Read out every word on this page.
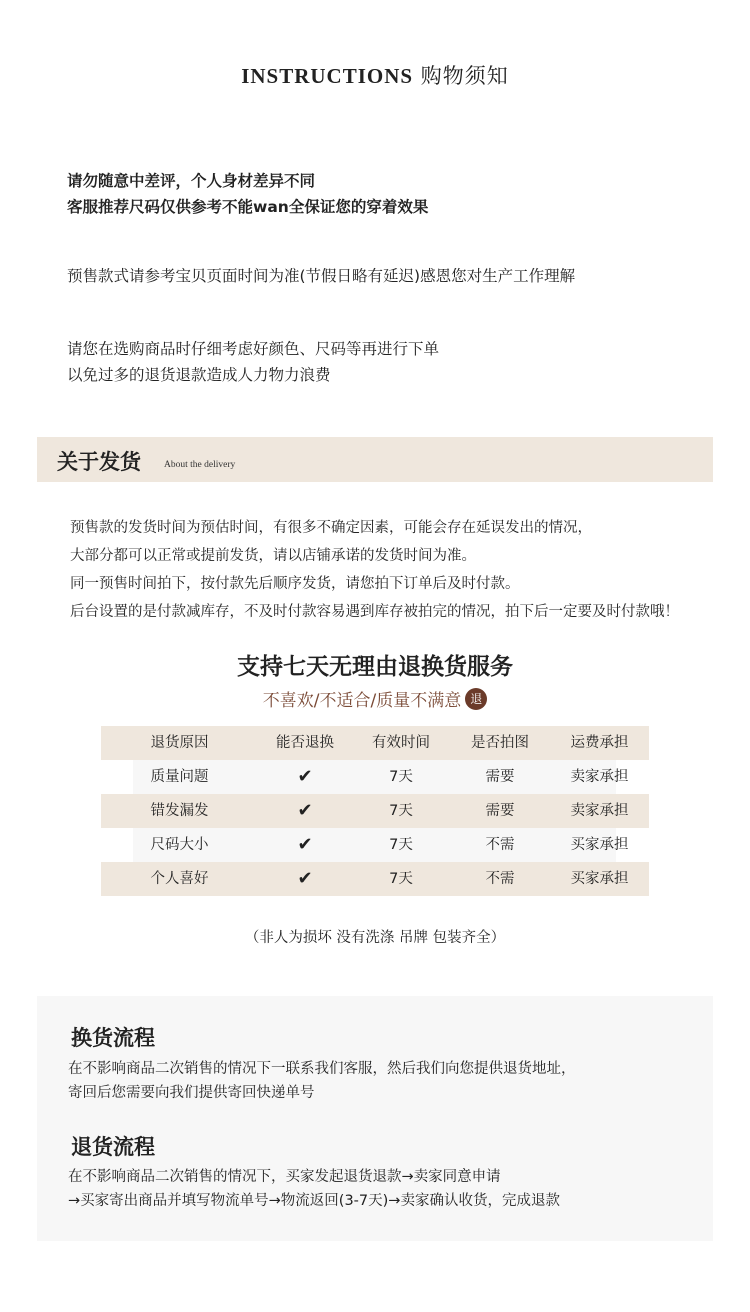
INSTRUCTIONS 购物须知
请勿随意中差评，个人身材差异不同
客服推荐尺码仅供参考不能wan全保证您的穿着效果
预售款式请参考宝贝页面时间为准(节假日略有延迟)感恩您对生产工作理解
请您在选购商品时仔细考虑好颜色、尺码等再进行下单
以免过多的退货退款造成人力物力浪费
关于发货 About the delivery
预售款的发货时间为预估时间，有很多不确定因素，可能会存在延误发出的情况，
大部分都可以正常或提前发货，请以店铺承诺的发货时间为准。
同一预售时间拍下，按付款先后顺序发货，请您拍下订单后及时付款。
后台设置的是付款减库存，不及时付款容易遇到库存被拍完的情况，拍下后一定要及时付款哦！
支持七天无理由退换货服务
不喜欢/不适合/质量不满意 退
退货原因	能否退换	有效时间	是否拍图	运费承担
质量问题	✔	7天	需要	卖家承担
错发漏发	✔	7天	需要	卖家承担
尺码大小	✔	7天	不需	买家承担
个人喜好	✔	7天	不需	买家承担
（非人为损坏 没有洗涤 吊牌 包装齐全）
换货流程
在不影响商品二次销售的情况下一联系我们客服，然后我们向您提供退货地址，
寄回后您需要向我们提供寄回快递单号
退货流程
在不影响商品二次销售的情况下，买家发起退货退款→卖家同意申请
→买家寄出商品并填写物流单号→物流返回(3-7天)→卖家确认收货，完成退款
